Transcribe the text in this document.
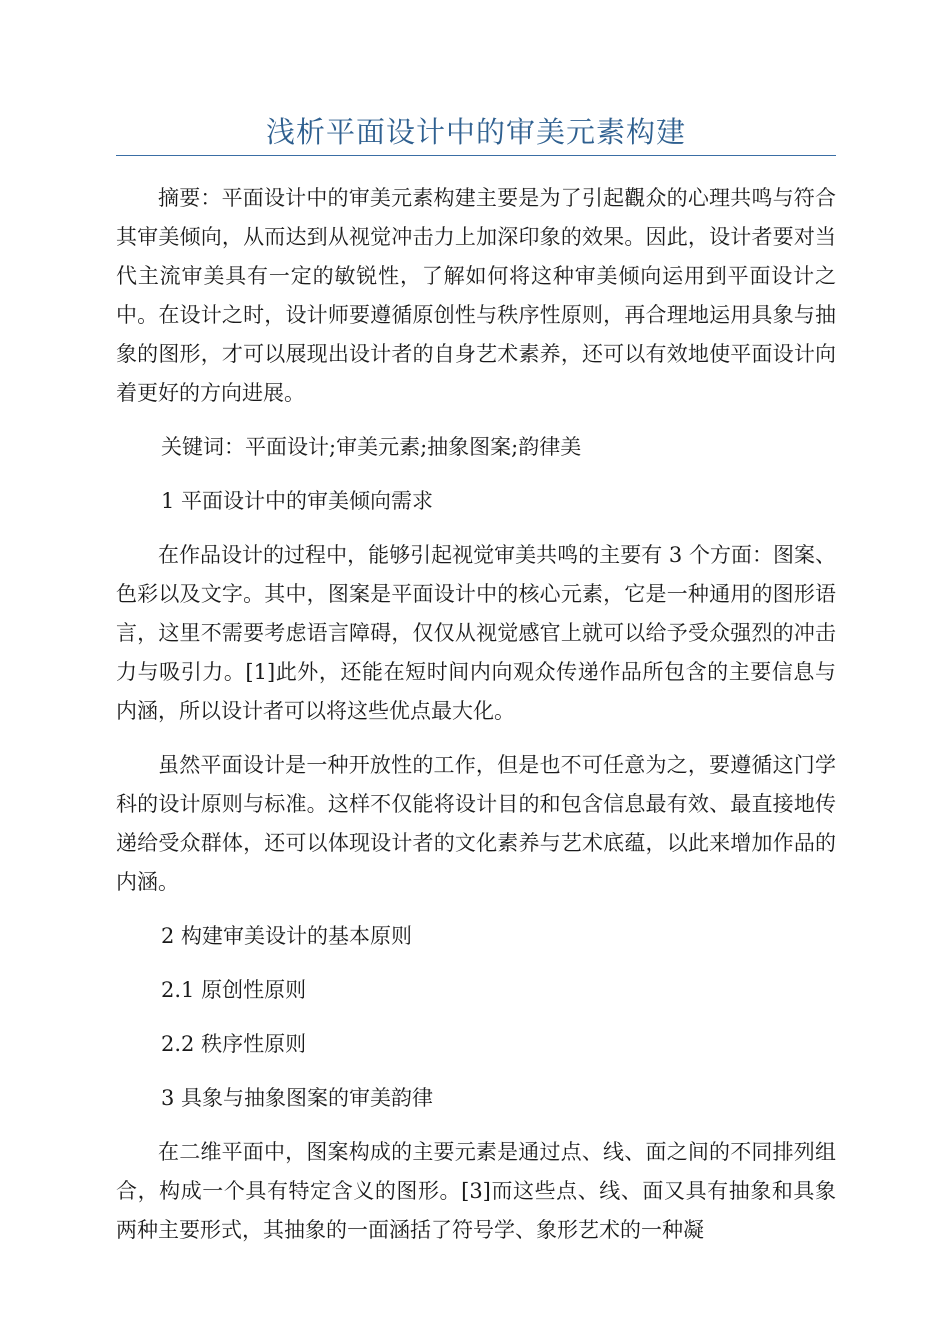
浅析平面设计中的审美元素构建

摘要：平面设计中的审美元素构建主要是为了引起觀众的心理共鸣与符合其审美倾向，从而达到从视觉冲击力上加深印象的效果。因此，设计者要对当代主流审美具有一定的敏锐性，了解如何将这种审美倾向运用到平面设计之中。在设计之时，设计师要遵循原创性与秩序性原则，再合理地运用具象与抽象的图形，才可以展现出设计者的自身艺术素养，还可以有效地使平面设计向着更好的方向进展。

关键词：平面设计;审美元素;抽象图案;韵律美

1 平面设计中的审美倾向需求

在作品设计的过程中，能够引起视觉审美共鸣的主要有 3 个方面：图案、色彩以及文字。其中，图案是平面设计中的核心元素，它是一种通用的图形语言，这里不需要考虑语言障碍，仅仅从视觉感官上就可以给予受众强烈的冲击力与吸引力。[1]此外，还能在短时间内向观众传递作品所包含的主要信息与内涵，所以设计者可以将这些优点最大化。

虽然平面设计是一种开放性的工作，但是也不可任意为之，要遵循这门学科的设计原则与标准。这样不仅能将设计目的和包含信息最有效、最直接地传递给受众群体，还可以体现设计者的文化素养与艺术底蕴，以此来增加作品的内涵。

2 构建审美设计的基本原则

2.1 原创性原则

2.2 秩序性原则

3 具象与抽象图案的审美韵律

在二维平面中，图案构成的主要元素是通过点、线、面之间的不同排列组合，构成一个具有特定含义的图形。[3]而这些点、线、面又具有抽象和具象两种主要形式，其抽象的一面涵括了符号学、象形艺术的一种凝
